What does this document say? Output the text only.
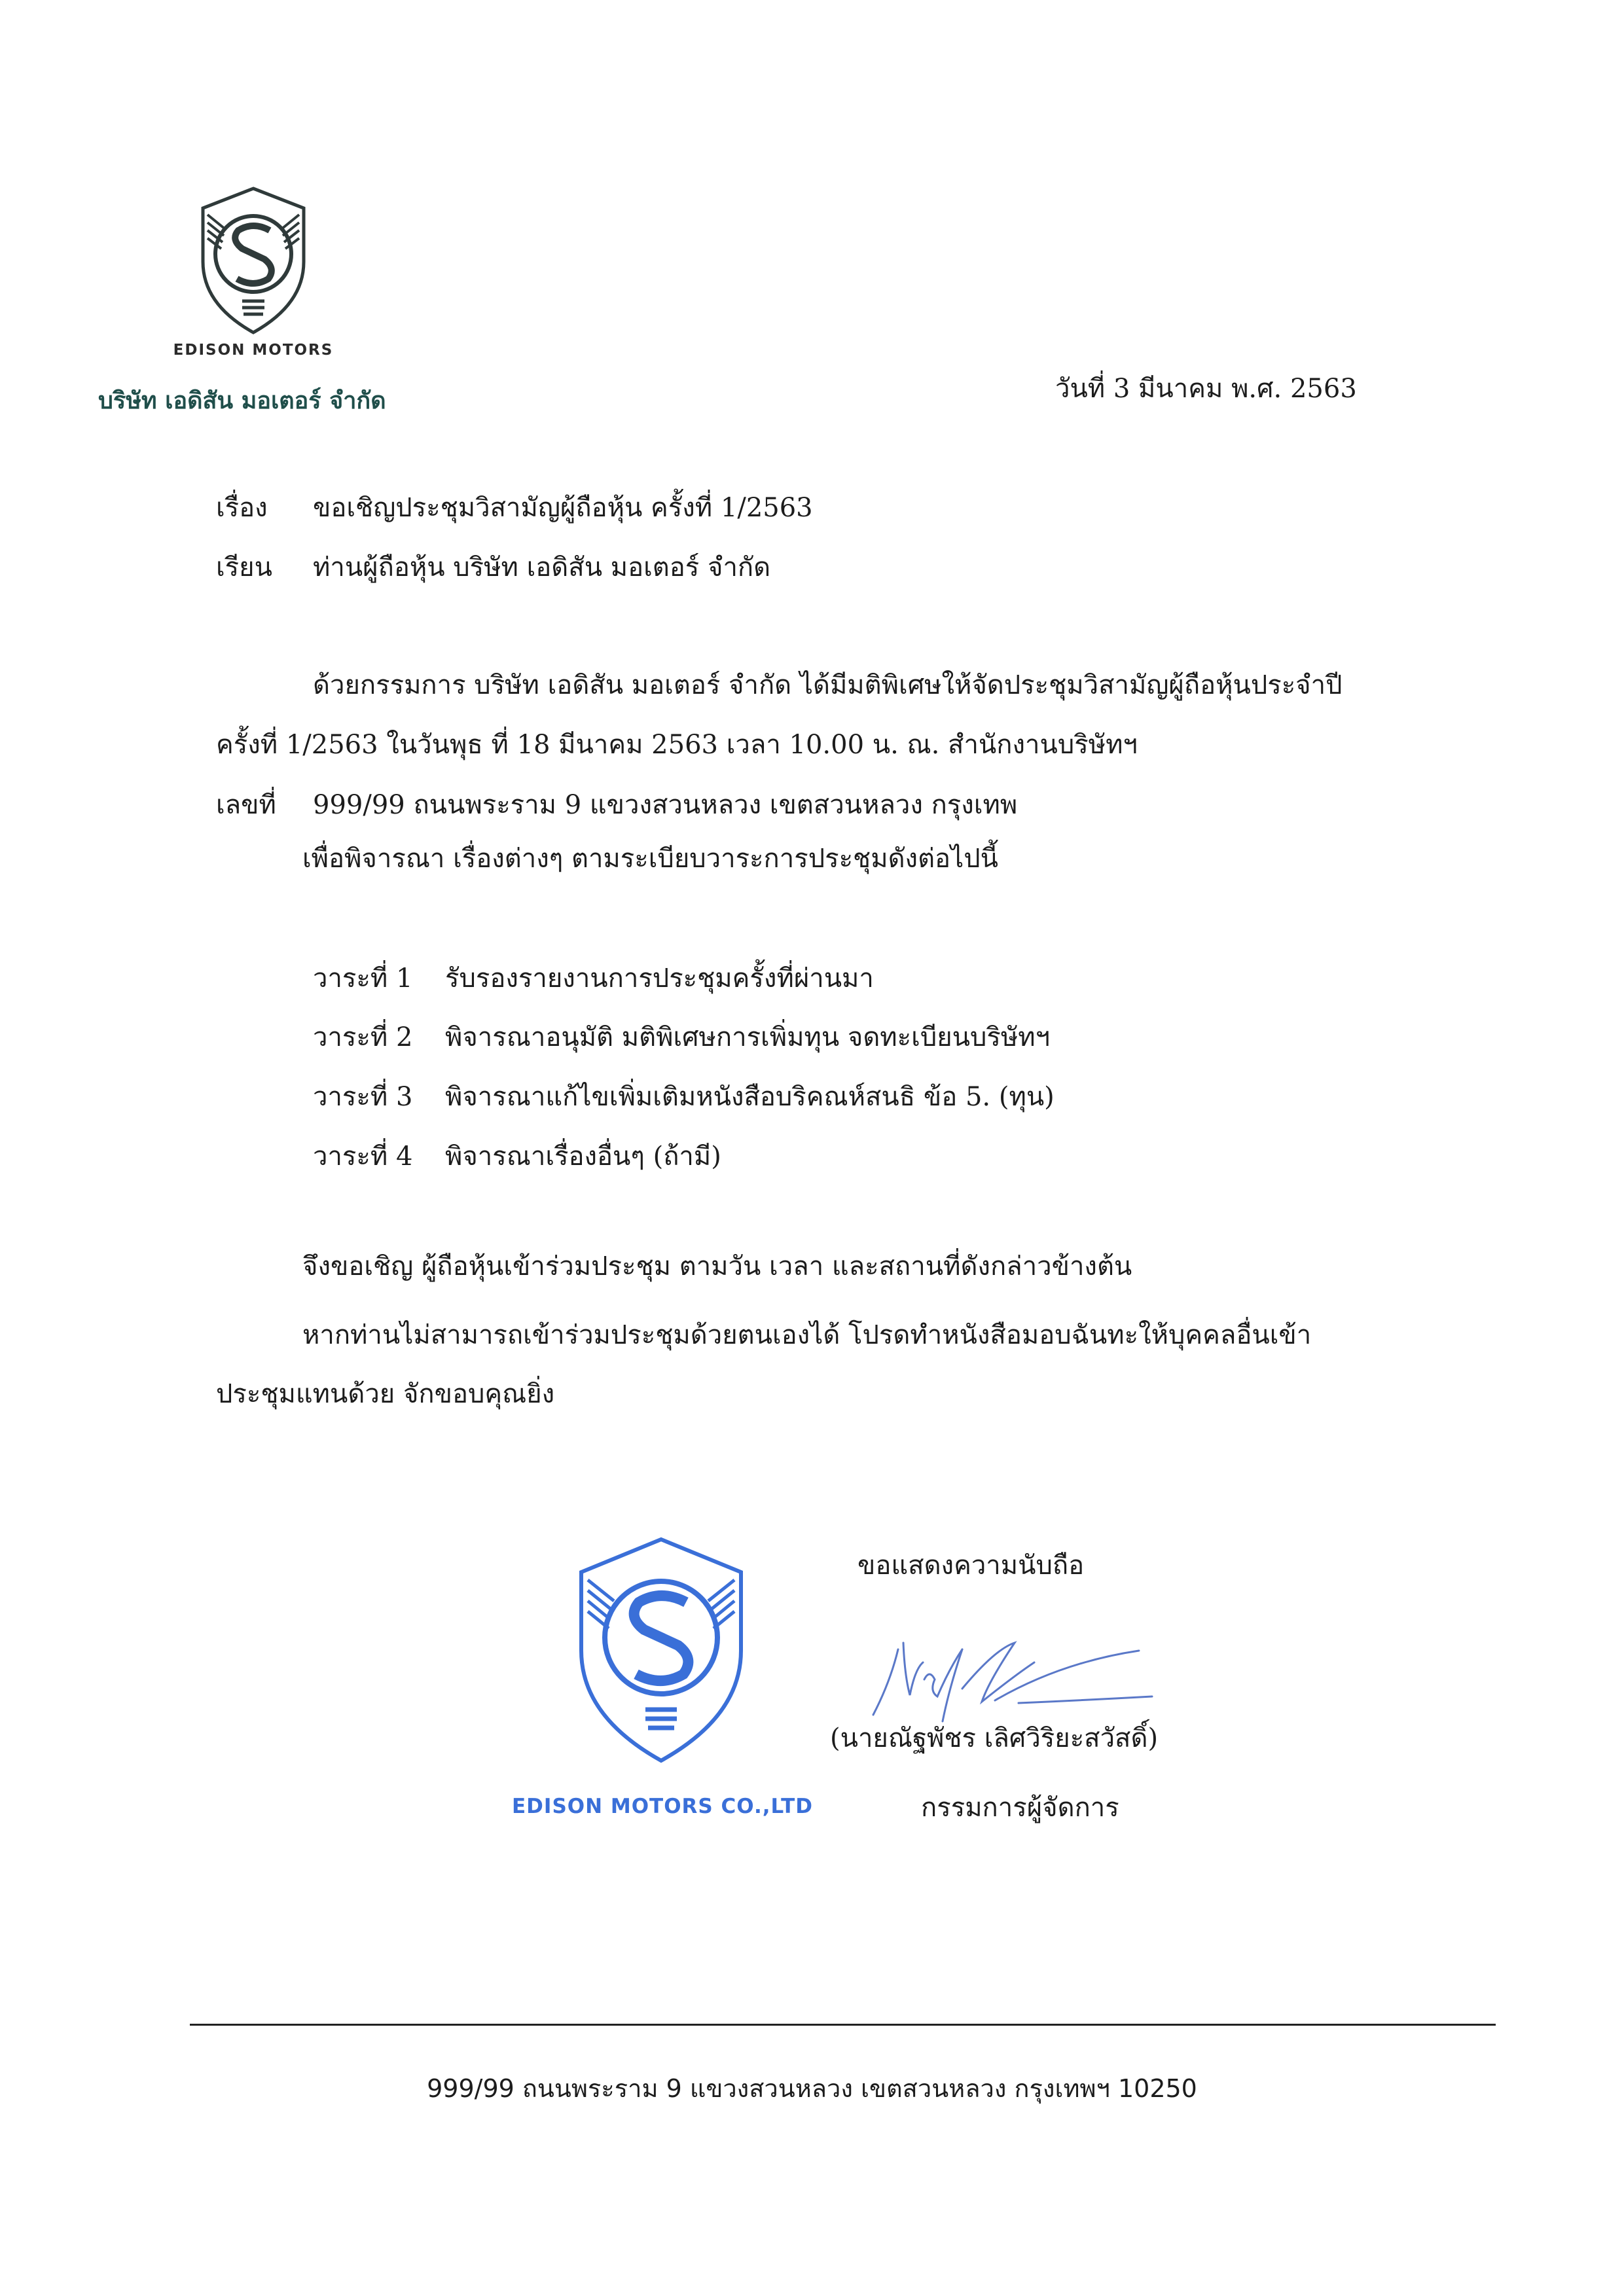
EDISON MOTORS
บริษัท เอดิสัน มอเตอร์ จำกัด	วันที่ 3 มีนาคม พ.ศ. 2563
เรื่อง ขอเชิญประชุมวิสามัญผู้ถือหุ้น ครั้งที่ 1/2563
เรียน ท่านผู้ถือหุ้น บริษัท เอดิสัน มอเตอร์ จำกัด
ด้วยกรรมการ บริษัท เอดิสัน มอเตอร์ จำกัด ได้มีมติพิเศษให้จัดประชุมวิสามัญผู้ถือหุ้นประจำปี
ครั้งที่ 1/2563 ในวันพุธ ที่ 18 มีนาคม 2563 เวลา 10.00 น. ณ. สำนักงานบริษัทฯ
เลขที่ 999/99 ถนนพระราม 9 แขวงสวนหลวง เขตสวนหลวง กรุงเทพ
เพื่อพิจารณา เรื่องต่างๆ ตามระเบียบวาระการประชุมดังต่อไปนี้
วาระที่ 1 รับรองรายงานการประชุมครั้งที่ผ่านมา
วาระที่ 2 พิจารณาอนุมัติ มติพิเศษการเพิ่มทุน จดทะเบียนบริษัทฯ
วาระที่ 3 พิจารณาแก้ไขเพิ่มเติมหนังสือบริคณห์สนธิ ข้อ 5. (ทุน)
วาระที่ 4 พิจารณาเรื่องอื่นๆ (ถ้ามี)
จึงขอเชิญ ผู้ถือหุ้นเข้าร่วมประชุม ตามวัน เวลา และสถานที่ดังกล่าวข้างต้น
หากท่านไม่สามารถเข้าร่วมประชุมด้วยตนเองได้ โปรดทำหนังสือมอบฉันทะให้บุคคลอื่นเข้า
ประชุมแทนด้วย จักขอบคุณยิ่ง
EDISON MOTORS CO.,LTD
ขอแสดงความนับถือ
(นายณัฐพัชร เลิศวิริยะสวัสดิ์)
กรรมการผู้จัดการ
999/99 ถนนพระราม 9 แขวงสวนหลวง เขตสวนหลวง กรุงเทพฯ 10250
